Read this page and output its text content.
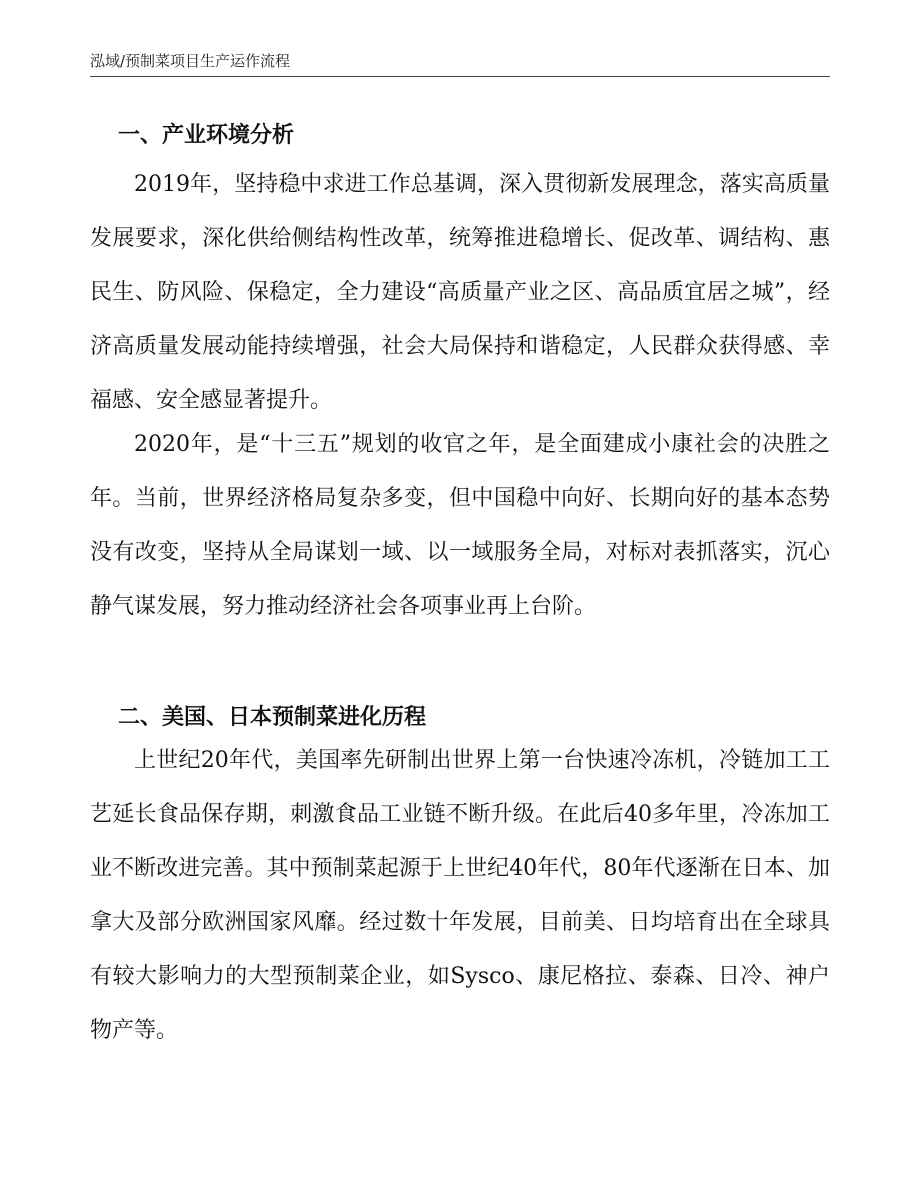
泓域/预制菜项目生产运作流程
一、产业环境分析

2019年，坚持稳中求进工作总基调，深入贯彻新发展理念，落实高质量发展要求，深化供给侧结构性改革，统筹推进稳增长、促改革、调结构、惠民生、防风险、保稳定，全力建设“高质量产业之区、高品质宜居之城”，经济高质量发展动能持续增强，社会大局保持和谐稳定，人民群众获得感、幸福感、安全感显著提升。

2020年，是“十三五”规划的收官之年，是全面建成小康社会的决胜之年。当前，世界经济格局复杂多变，但中国稳中向好、长期向好的基本态势没有改变，坚持从全局谋划一域、以一域服务全局，对标对表抓落实，沉心静气谋发展，努力推动经济社会各项事业再上台阶。

二、美国、日本预制菜进化历程

上世纪20年代，美国率先研制出世界上第一台快速冷冻机，冷链加工工艺延长食品保存期，刺激食品工业链不断升级。在此后40多年里，冷冻加工业不断改进完善。其中预制菜起源于上世纪40年代，80年代逐渐在日本、加拿大及部分欧洲国家风靡。经过数十年发展，目前美、日均培育出在全球具有较大影响力的大型预制菜企业，如Sysco、康尼格拉、泰森、日冷、神户物产等。
